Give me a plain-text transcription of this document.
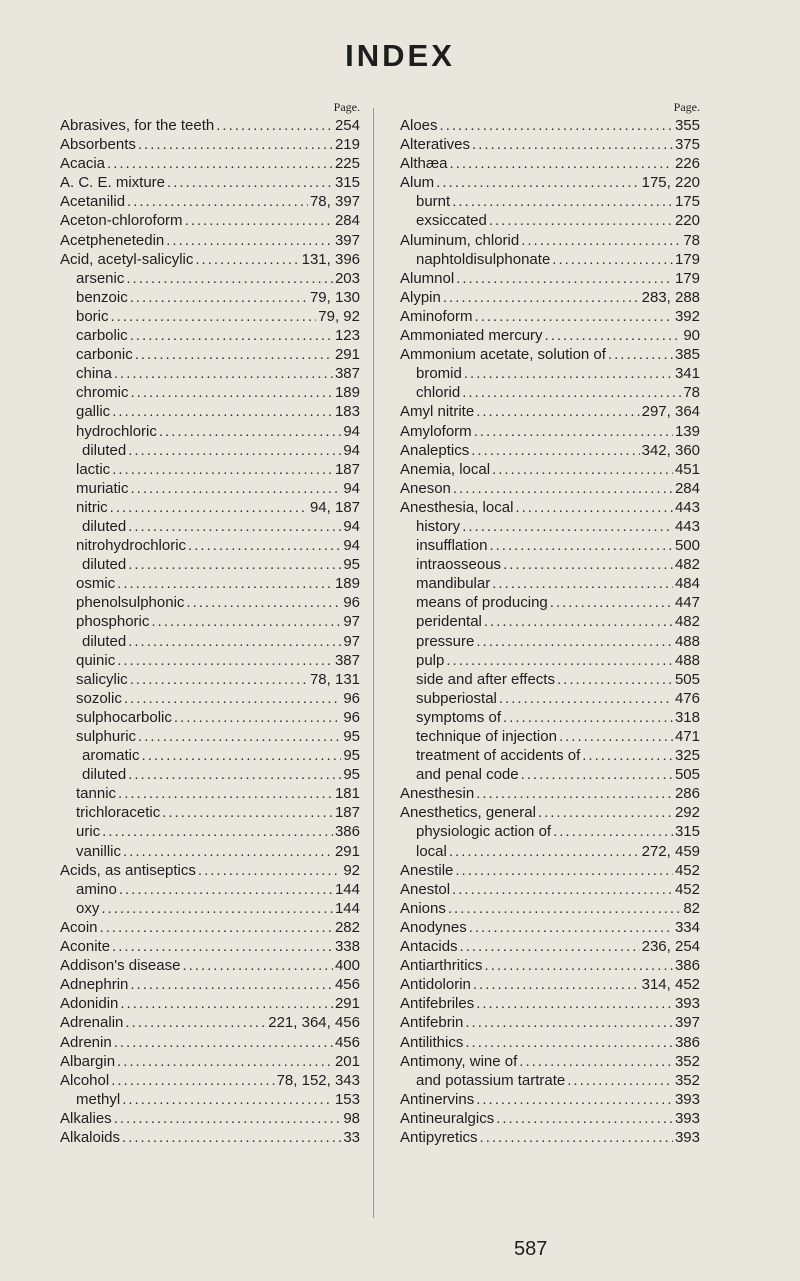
INDEX
Page.
Abrasives, for the teeth .....	254
Absorbents .....	219
Acacia .....	225
A. C. E. mixture .....	315
Acetanilid .....	78, 397
Aceton-chloroform .....	284
Acetphenetedin .....	397
Acid, acetyl-salicylic .....	131, 396
arsenic .....	203
benzoic .....	79, 130
boric .....	79, 92
carbolic .....	123
carbonic .....	291
china .....	387
chromic .....	189
gallic .....	183
hydrochloric .....	94
diluted .....	94
lactic .....	187
muriatic .....	94
nitric .....	94, 187
diluted .....	94
nitrohydrochloric .....	94
diluted .....	95
osmic .....	189
phenolsulphonic .....	96
phosphoric .....	97
diluted .....	97
quinic .....	387
salicylic .....	78, 131
sozolic .....	96
sulphocarbolic .....	96
sulphuric .....	95
aromatic .....	95
diluted .....	95
tannic .....	181
trichloracetic .....	187
uric .....	386
vanillic .....	291
Acids, as antiseptics .....	92
amino .....	144
oxy .....	144
Acoin .....	282
Aconite .....	338
Addison's disease .....	400
Adnephrin .....	456
Adonidin .....	291
Adrenalin .....	221, 364, 456
Adrenin .....	456
Albargin .....	201
Alcohol .....	78, 152, 343
methyl .....	153
Alkalies .....	98
Alkaloids .....	33
Page.
Aloes .....	355
Alteratives .....	375
Althæa .....	226
Alum .....	175, 220
burnt .....	175
exsiccated .....	220
Aluminum, chlorid .....	78
naphtoldisulphonate .....	179
Alumnol .....	179
Alypin .....	283, 288
Aminoform .....	392
Ammoniated mercury .....	90
Ammonium acetate, solution of .....	385
bromid .....	341
chlorid .....	78
Amyl nitrite .....	297, 364
Amyloform .....	139
Analeptics .....	342, 360
Anemia, local .....	451
Aneson .....	284
Anesthesia, local .....	443
history .....	443
insufflation .....	500
intraosseous .....	482
mandibular .....	484
means of producing .....	447
peridental .....	482
pressure .....	488
pulp .....	488
side and after effects .....	505
subperiostal .....	476
symptoms of .....	318
technique of injection .....	471
treatment of accidents of .....	325
and penal code .....	505
Anesthesin .....	286
Anesthetics, general .....	292
physiologic action of .....	315
local .....	272, 459
Anestile .....	452
Anestol .....	452
Anions .....	82
Anodynes .....	334
Antacids .....	236, 254
Antiarthritics .....	386
Antidolorin .....	314, 452
Antifebriles .....	393
Antifebrin .....	397
Antilithics .....	386
Antimony, wine of .....	352
and potassium tartrate .....	352
Antinervins .....	393
Antineuralgics .....	393
Antipyretics .....	393
587
